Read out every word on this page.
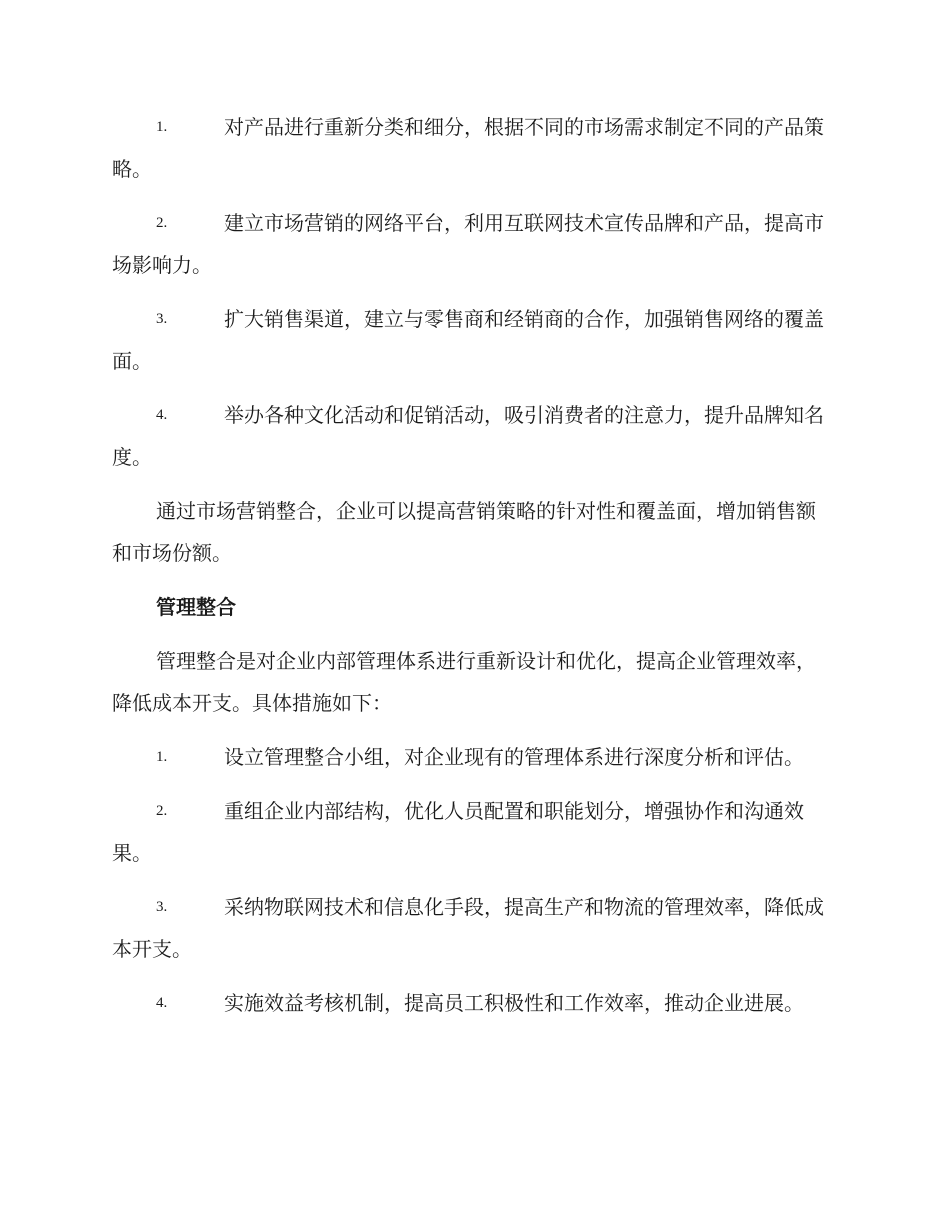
1.	对产品进行重新分类和细分，根据不同的市场需求制定不同的产品策略。
2.	建立市场营销的网络平台，利用互联网技术宣传品牌和产品，提高市场影响力。
3.	扩大销售渠道，建立与零售商和经销商的合作，加强销售网络的覆盖面。
4.	举办各种文化活动和促销活动，吸引消费者的注意力，提升品牌知名度。

通过市场营销整合，企业可以提高营销策略的针对性和覆盖面，增加销售额和市场份额。

管理整合

管理整合是对企业内部管理体系进行重新设计和优化，提高企业管理效率，降低成本开支。具体措施如下：

1.	设立管理整合小组，对企业现有的管理体系进行深度分析和评估。
2.	重组企业内部结构，优化人员配置和职能划分，增强协作和沟通效果。
3.	采纳物联网技术和信息化手段，提高生产和物流的管理效率，降低成本开支。
4.	实施效益考核机制，提高员工积极性和工作效率，推动企业进展。
